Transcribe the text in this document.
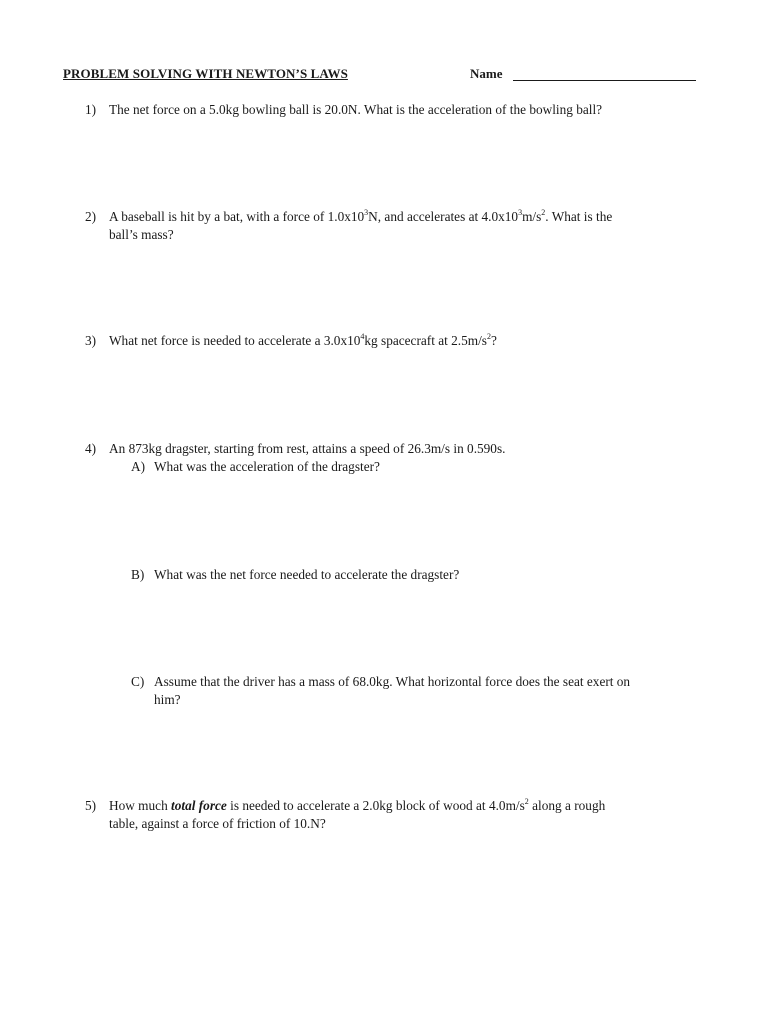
PROBLEM SOLVING WITH NEWTON’S LAWS	Name
1) The net force on a 5.0kg bowling ball is 20.0N. What is the acceleration of the bowling ball?
2) A baseball is hit by a bat, with a force of $1.0x10^3N$, and accelerates at $4.0x10^3m/s^2$. What is the
ball’s mass?
3) What net force is needed to accelerate a $3.0x10^4kg$ spacecraft at $2.5m/s^2$?
4) An 873kg dragster, starting from rest, attains a speed of 26.3m/s in 0.590s.
A) What was the acceleration of the dragster?
B) What was the net force needed to accelerate the dragster?
C) Assume that the driver has a mass of 68.0kg. What horizontal force does the seat exert on
him?
5) How much total force is needed to accelerate a 2.0kg block of wood at $4.0m/s^2$ along a rough
table, against a force of friction of 10.N?
